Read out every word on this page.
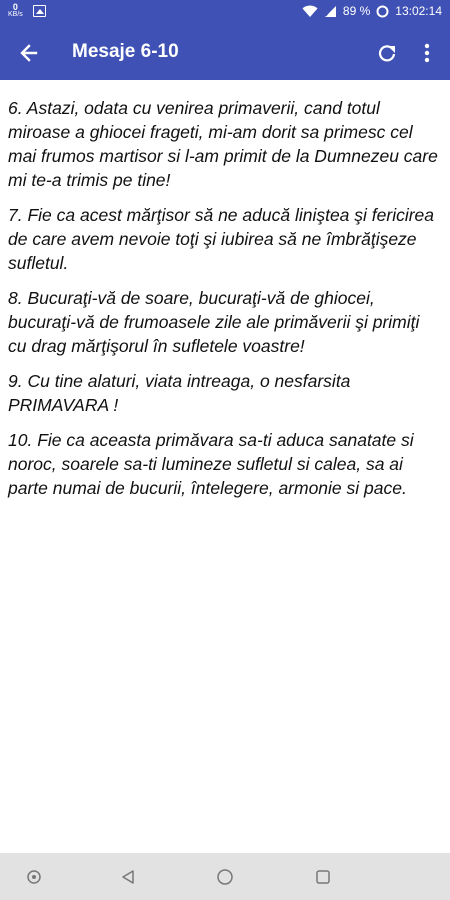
0
KB/s	89 % 13:02:14
Mesaje 6-10

6. Astazi, odata cu venirea primaverii, cand totul miroase a ghiocei frageti, mi-am dorit sa primesc cel mai frumos martisor si l-am primit de la Dumnezeu care mi te-a trimis pe tine!

7. Fie ca acest mărţisor să ne aducă liniştea şi fericirea de care avem nevoie toţi şi iubirea să ne îmbrăţişeze sufletul.

8. Bucuraţi-vă de soare, bucuraţi-vă de ghiocei, bucuraţi-vă de frumoasele zile ale primăverii şi primiţi cu drag mărţişorul în sufletele voastre!

9. Cu tine alaturi, viata intreaga, o nesfarsita PRIMAVARA !

10. Fie ca aceasta primăvara sa-ti aduca sanatate si noroc, soarele sa-ti lumineze sufletul si calea, sa ai parte numai de bucurii, întelegere, armonie si pace.
